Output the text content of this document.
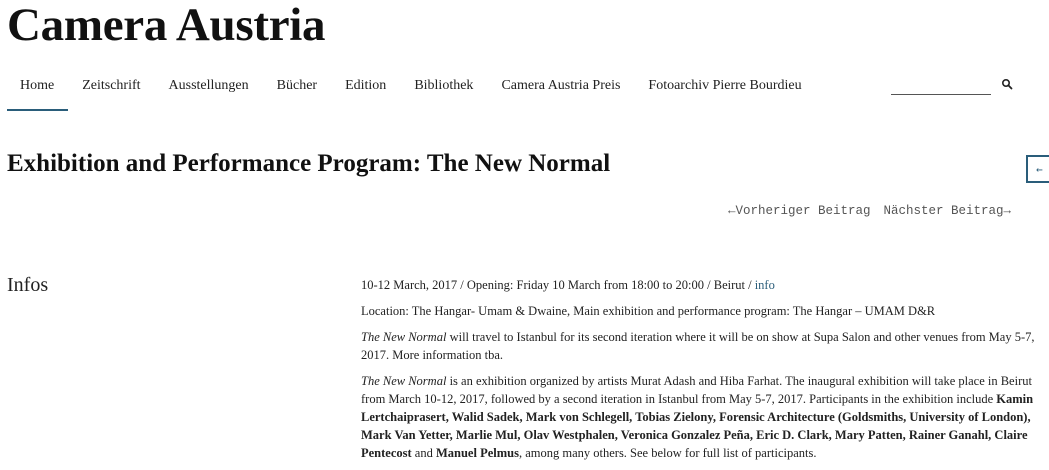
Camera Austria
Home	Zeitschrift	Ausstellungen	Bücher	Edition	Bibliothek	Camera Austria Preis	Fotoarchiv Pierre Bourdieu
Exhibition and Performance Program: The New Normal	←
←Vorheriger Beitrag Nächster Beitrag→
Infos	10-12 March, 2017 / Opening: Friday 10 March from 18:00 to 20:00 / Beirut / info

Location: The Hangar- Umam & Dwaine, Main exhibition and performance program: The Hangar – UMAM D&R

The New Normal will travel to Istanbul for its second iteration where it will be on show at Supa Salon and other venues from May 5-7, 2017. More information tba.

The New Normal is an exhibition organized by artists Murat Adash and Hiba Farhat. The inaugural exhibition will take place in Beirut from March 10-12, 2017, followed by a second iteration in Istanbul from May 5-7, 2017. Participants in the exhibition include Kamin Lertchaiprasert, Walid Sadek, Mark von Schlegell, Tobias Zielony, Forensic Architecture (Goldsmiths, University of London), Mark Van Yetter, Marlie Mul, Olav Westphalen, Veronica Gonzalez Peña, Eric D. Clark, Mary Patten, Rainer Ganahl, Claire Pentecost and Manuel Pelmus, among many others. See below for full list of participants.
